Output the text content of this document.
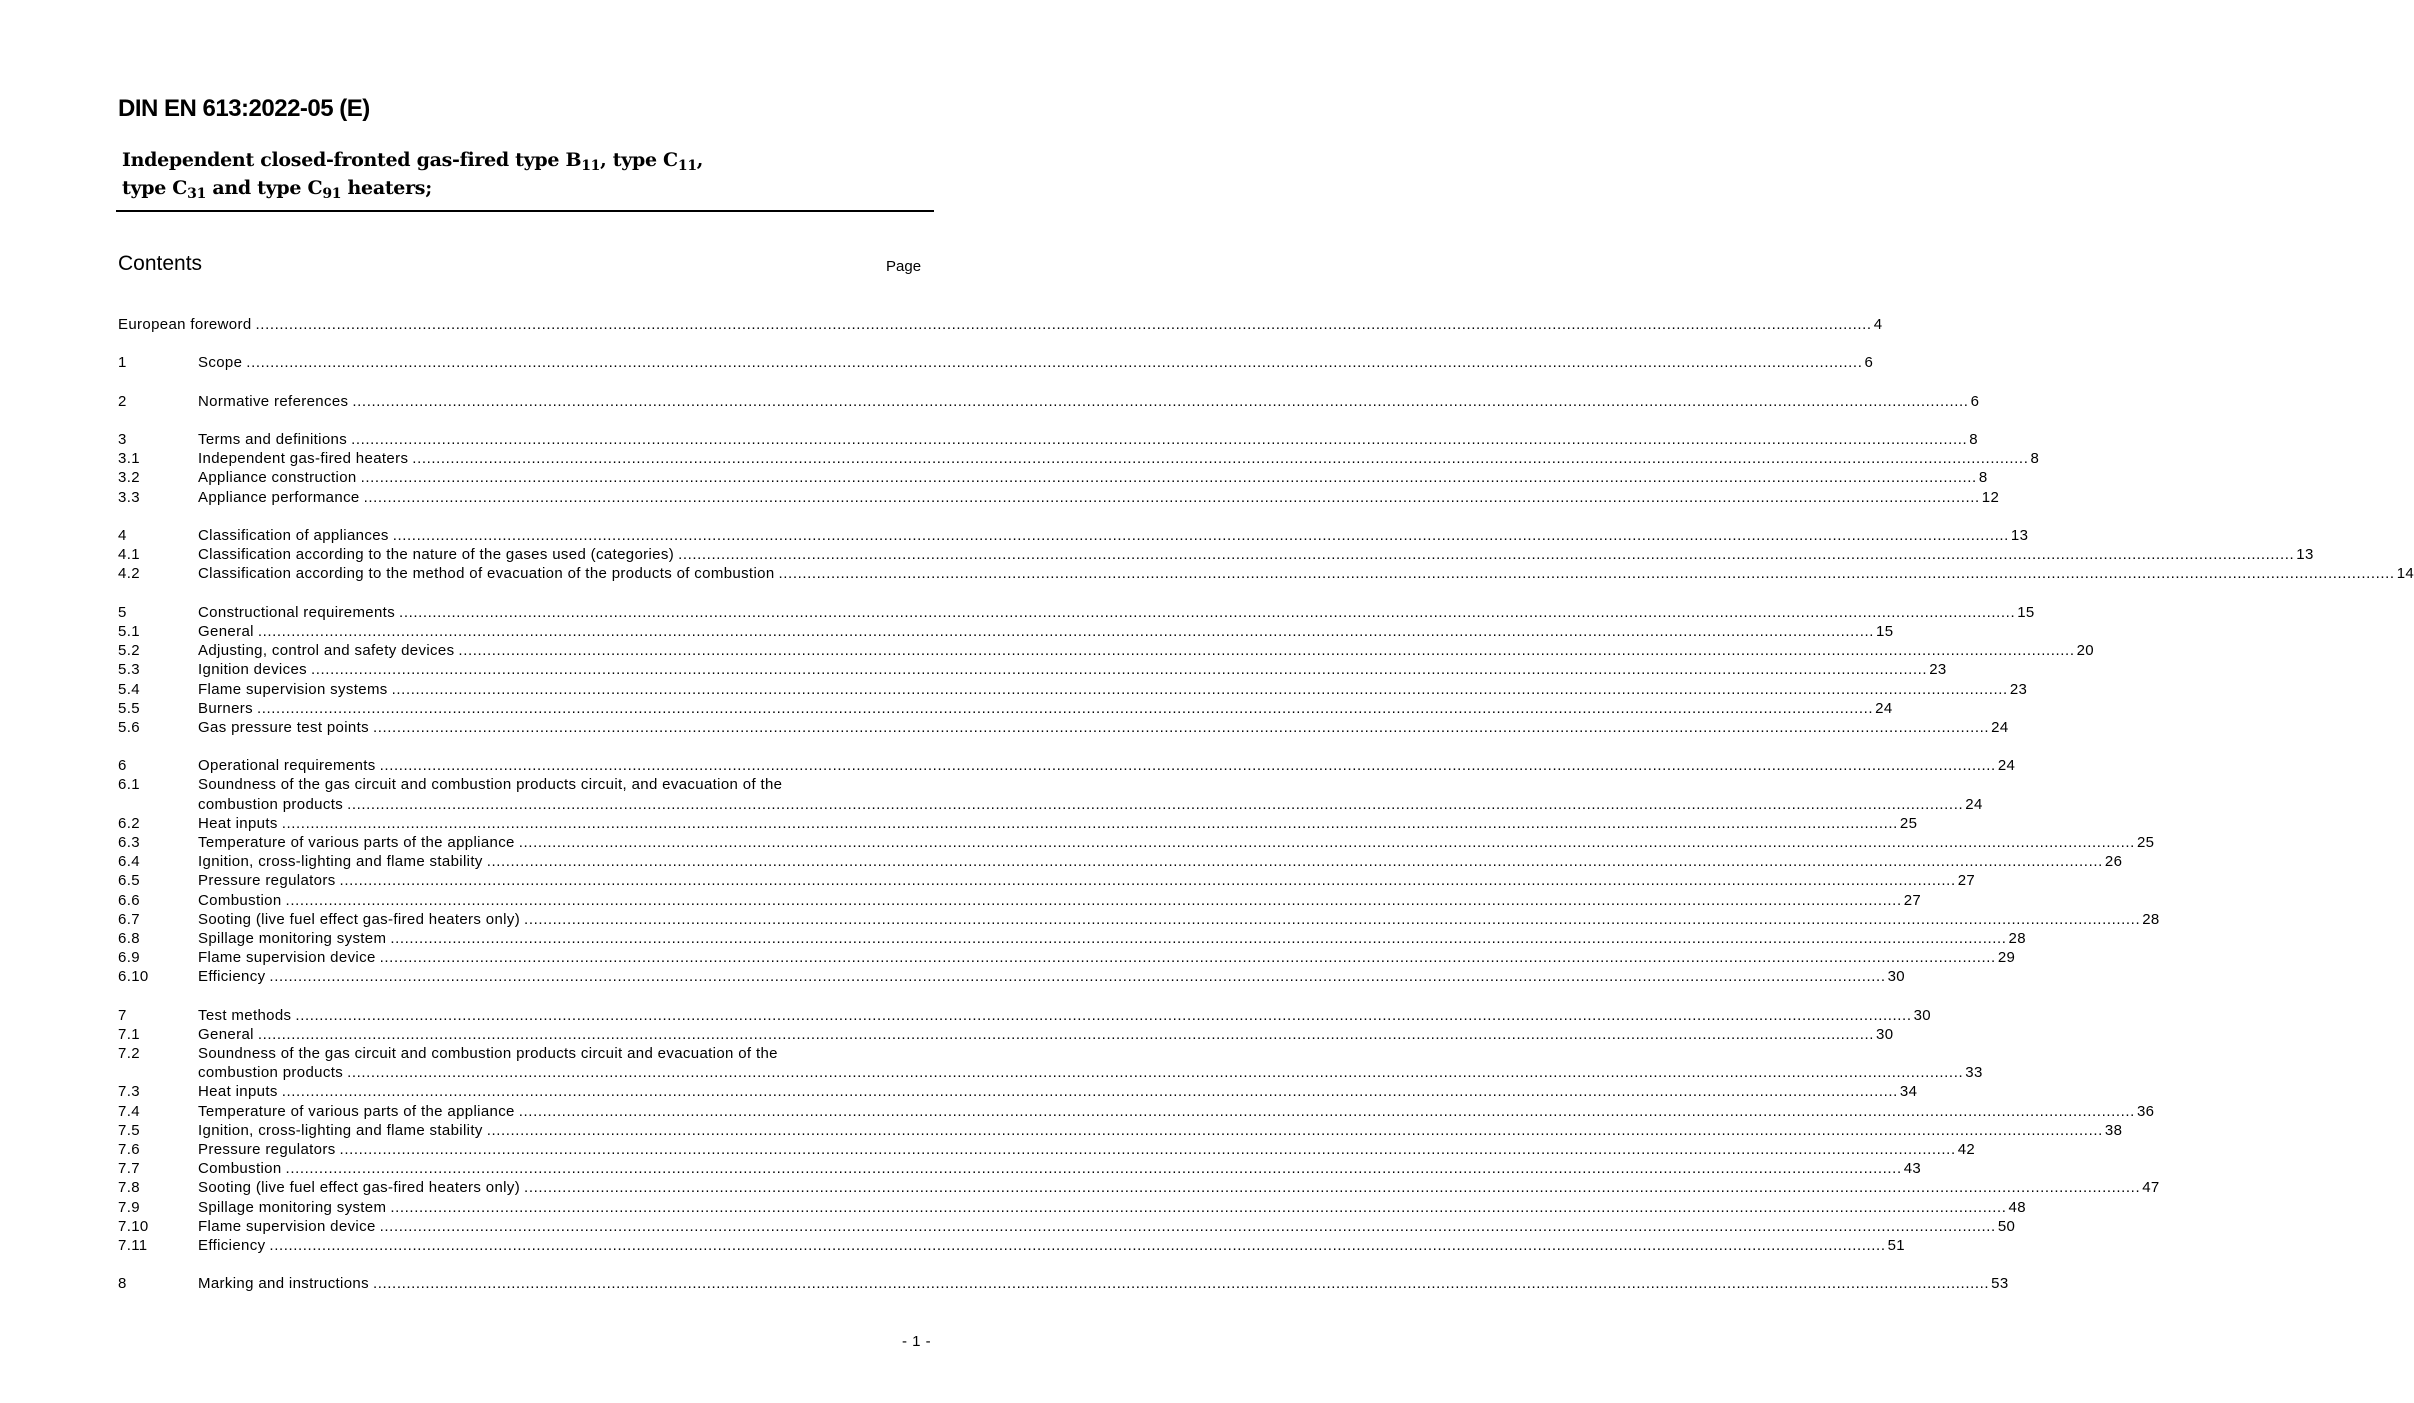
DIN EN 613:2022-05 (E)
Independent closed-fronted gas-fired type $B_{11}$, type $C_{11}$,
type $C_{31}$ and type $C_{91}$ heaters;
Contents	Page
European foreword .....	4
1	Scope .....	6
2	Normative references .....	6
3	Terms and definitions .....	8
3.1	Independent gas-fired heaters .....	8
3.2	Appliance construction .....	8
3.3	Appliance performance .....	12
4	Classification of appliances .....	13
4.1	Classification according to the nature of the gases used (categories) .....	13
4.2	Classification according to the method of evacuation of the products of combustion .....	14
5	Constructional requirements .....	15
5.1	General .....	15
5.2	Adjusting, control and safety devices .....	20
5.3	Ignition devices .....	23
5.4	Flame supervision systems .....	23
5.5	Burners .....	24
5.6	Gas pressure test points .....	24
6	Operational requirements .....	24
6.1	Soundness of the gas circuit and combustion products circuit, and evacuation of the
combustion products .....	24
6.2	Heat inputs .....	25
6.3	Temperature of various parts of the appliance .....	25
6.4	Ignition, cross-lighting and flame stability .....	26
6.5	Pressure regulators .....	27
6.6	Combustion .....	27
6.7	Sooting (live fuel effect gas-fired heaters only) .....	28
6.8	Spillage monitoring system .....	28
6.9	Flame supervision device .....	29
6.10	Efficiency .....	30
7	Test methods .....	30
7.1	General .....	30
7.2	Soundness of the gas circuit and combustion products circuit and evacuation of the
combustion products .....	33
7.3	Heat inputs .....	34
7.4	Temperature of various parts of the appliance .....	36
7.5	Ignition, cross-lighting and flame stability .....	38
7.6	Pressure regulators .....	42
7.7	Combustion .....	43
7.8	Sooting (live fuel effect gas-fired heaters only) .....	47
7.9	Spillage monitoring system .....	48
7.10	Flame supervision device .....	50
7.11	Efficiency .....	51
8	Marking and instructions .....	53
- 1 -
